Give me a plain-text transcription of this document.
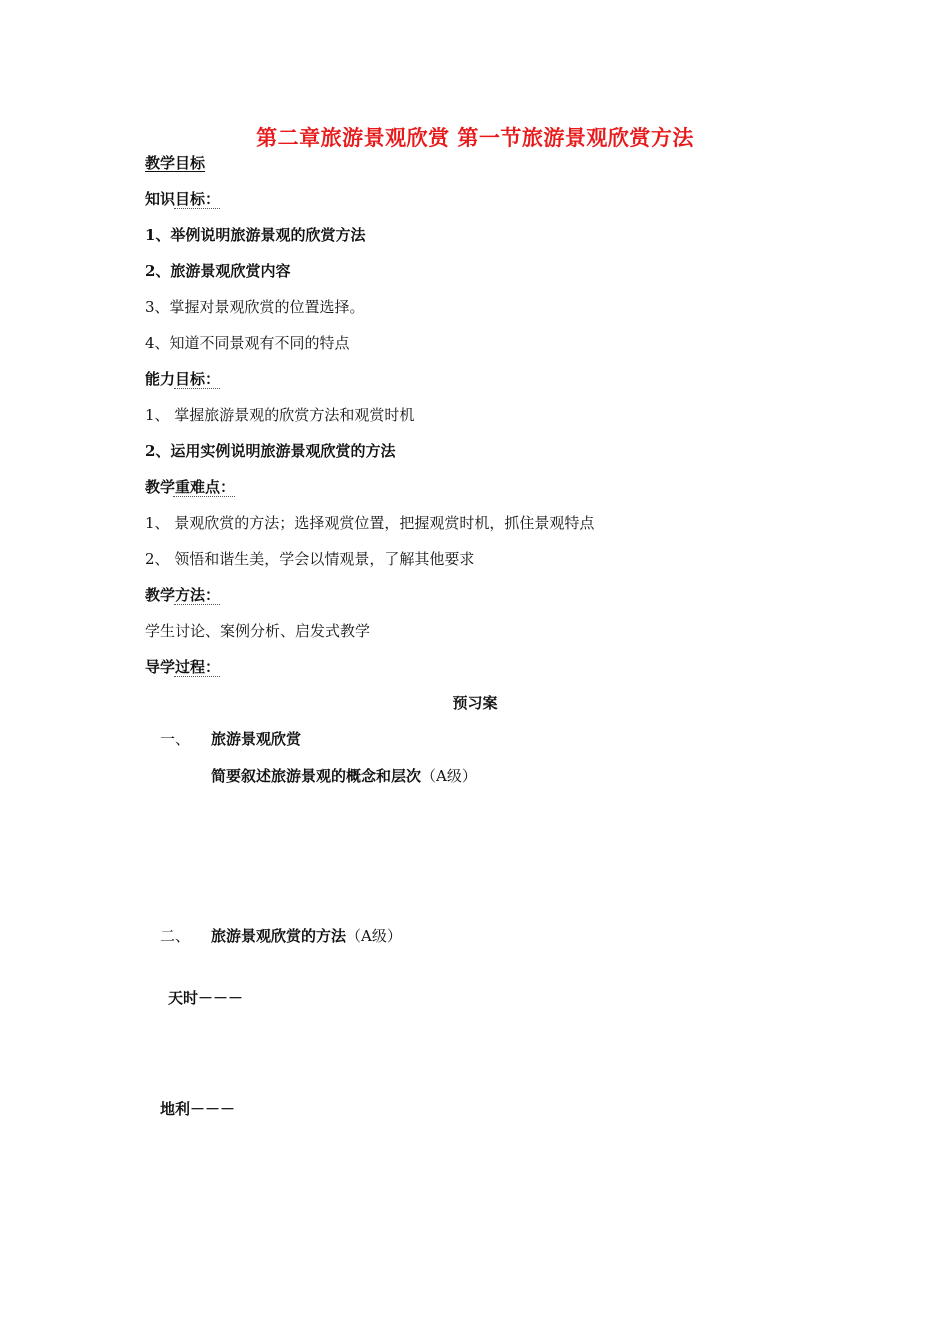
第二章旅游景观欣赏 第一节旅游景观欣赏方法
教学目标
知识目标：
1、举例说明旅游景观的欣赏方法
2、旅游景观欣赏内容
3、掌握对景观欣赏的位置选择。
4、知道不同景观有不同的特点
能力目标：
1、 掌握旅游景观的欣赏方法和观赏时机
2、运用实例说明旅游景观欣赏的方法
教学重难点：
1、 景观欣赏的方法；选择观赏位置，把握观赏时机，抓住景观特点
2、 领悟和谐生美，学会以情观景，了解其他要求
教学方法：
学生讨论、案例分析、启发式教学
导学过程：
预习案
一、 旅游景观欣赏
简要叙述旅游景观的概念和层次（A级）
二、 旅游景观欣赏的方法（A级）
天时－－－
地利－－－
